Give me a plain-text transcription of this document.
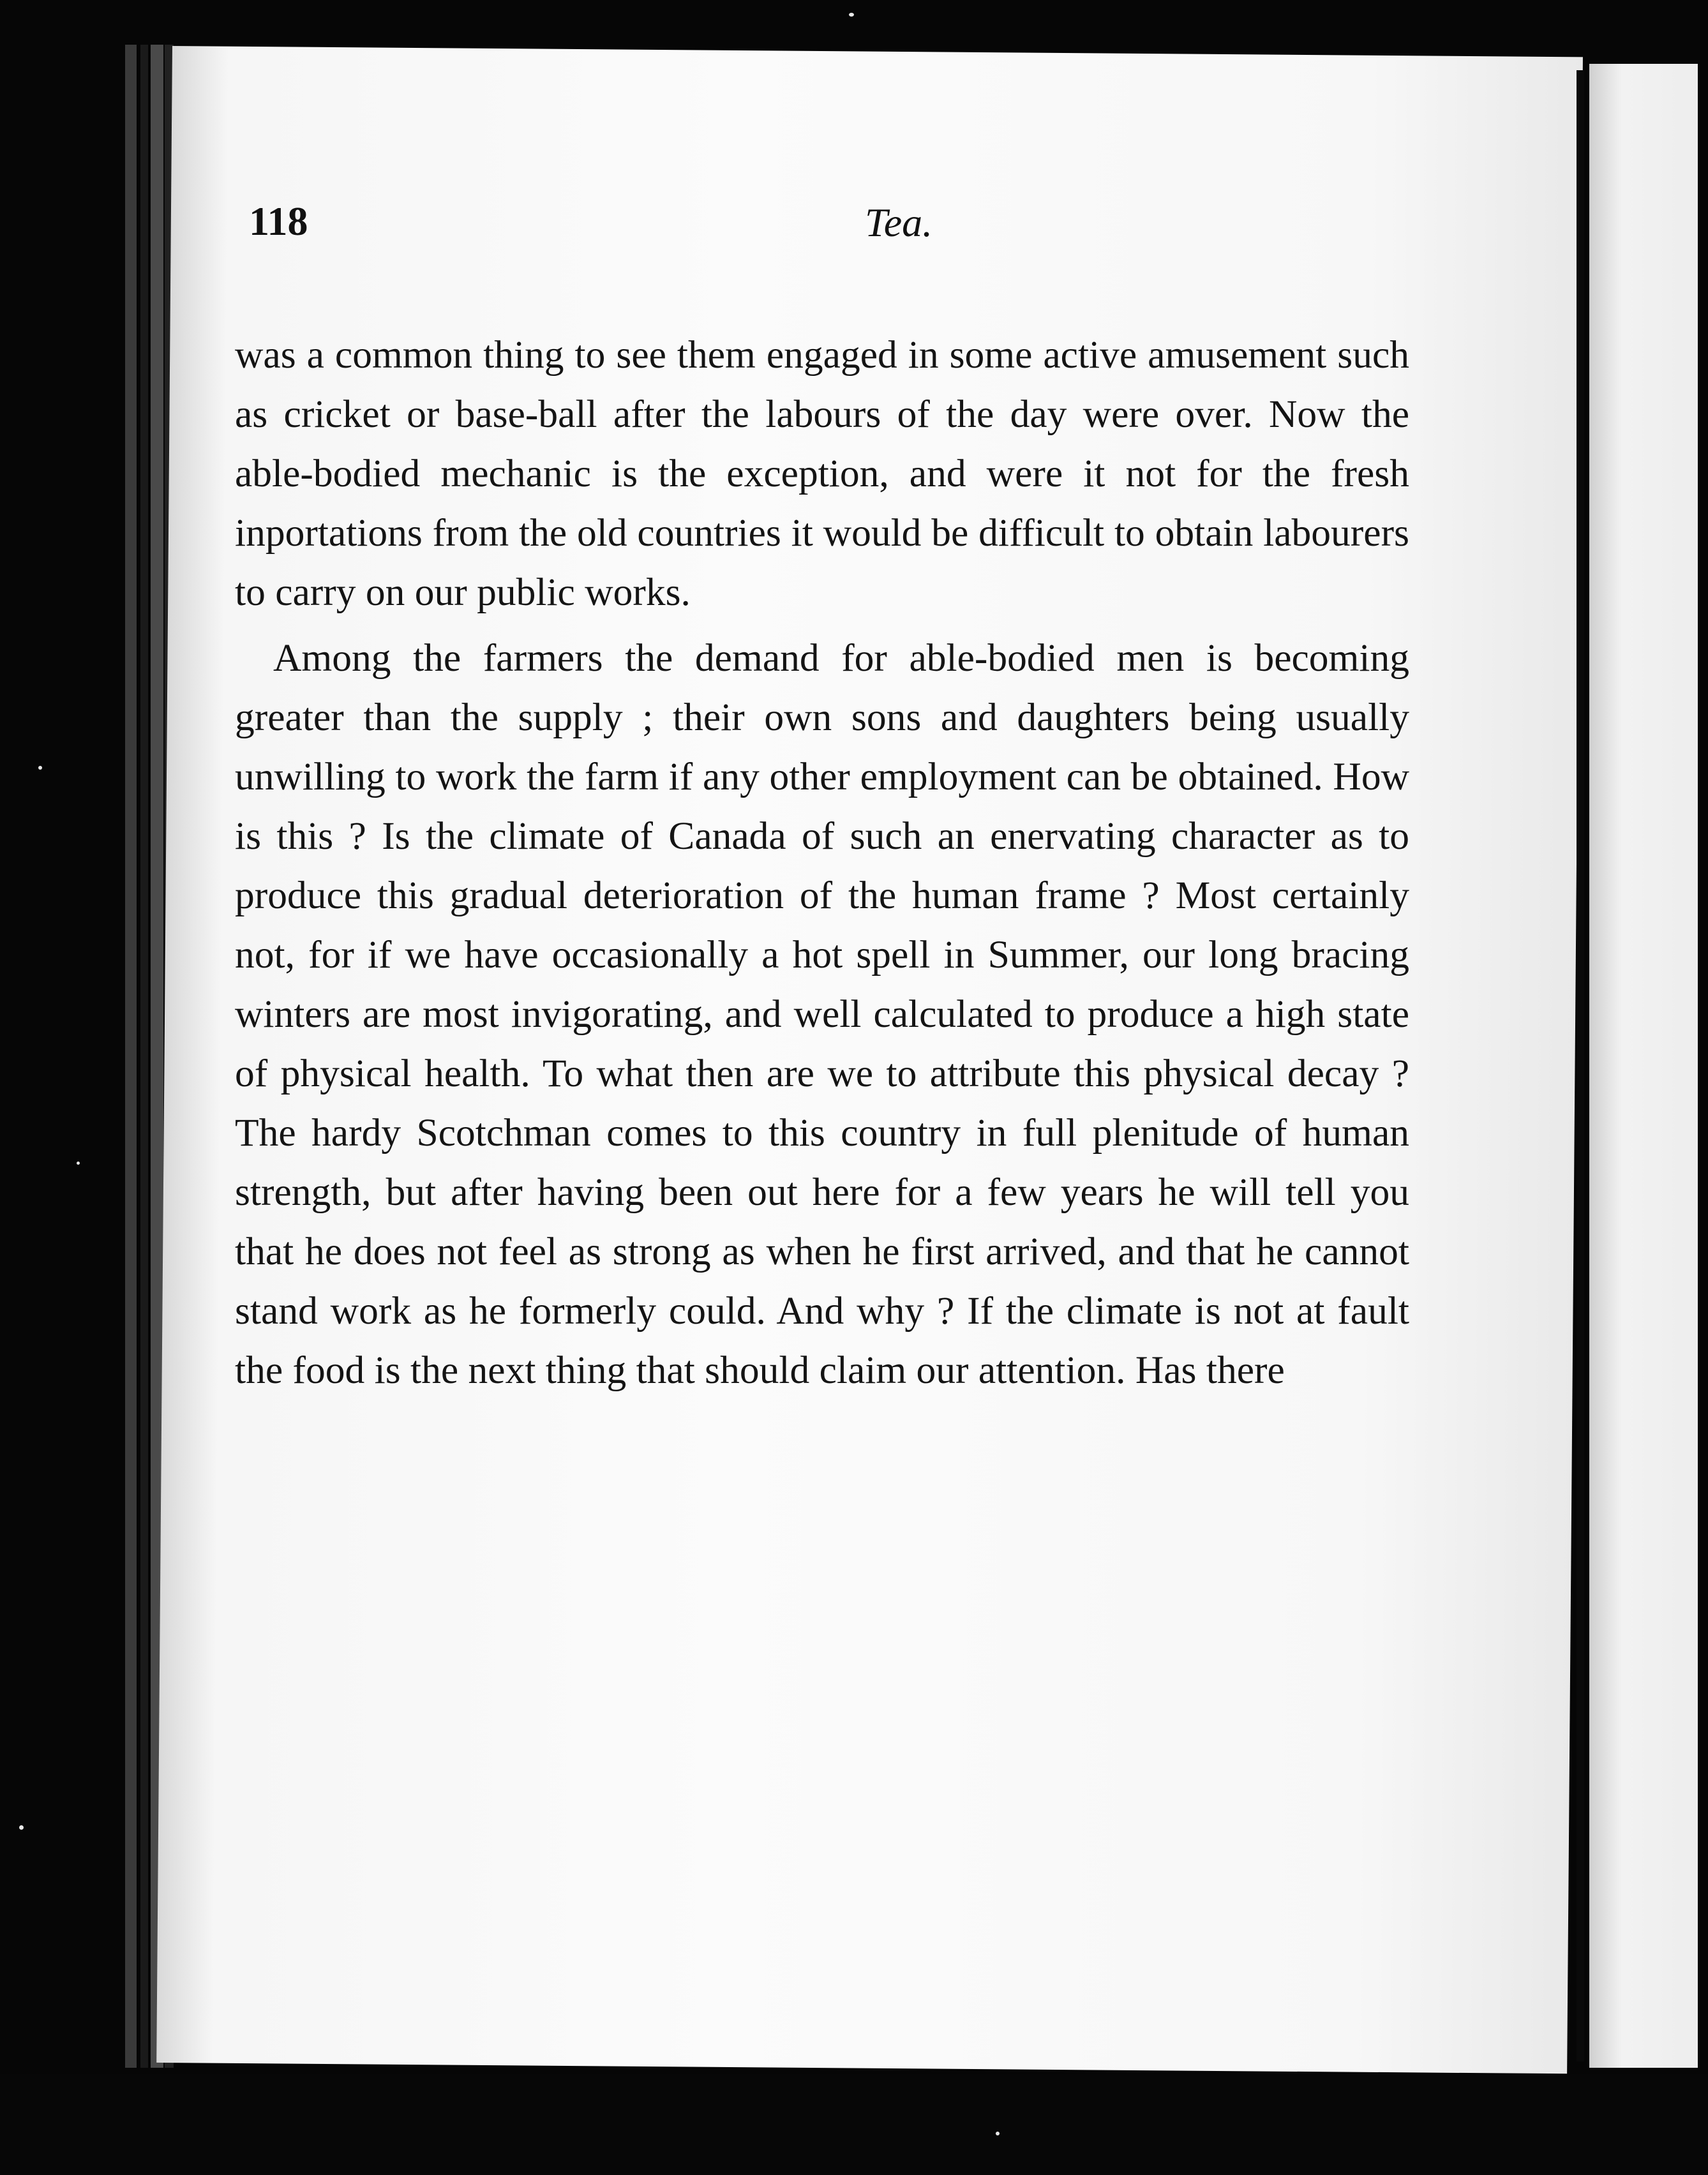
118	Tea.

was a common thing to see them engaged in some active amusement such as cricket or base-ball after the labours of the day were over. Now the able-bodied mechanic is the exception, and were it not for the fresh inportations from the old countries it would be difficult to obtain labourers to carry on our public works.

Among the farmers the demand for able-bodied men is becoming greater than the supply ; their own sons and daughters being usually unwilling to work the farm if any other employment can be obtained. How is this ? Is the climate of Canada of such an enervating character as to produce this gradual deterioration of the human frame ? Most certainly not, for if we have occasionally a hot spell in Summer, our long bracing winters are most invigorating, and well calculated to produce a high state of physical health. To what then are we to attribute this physical decay ? The hardy Scotchman comes to this country in full plenitude of human strength, but after having been out here for a few years he will tell you that he does not feel as strong as when he first arrived, and that he cannot stand work as he formerly could. And why ? If the climate is not at fault the food is the next thing that should claim our attention. Has there
